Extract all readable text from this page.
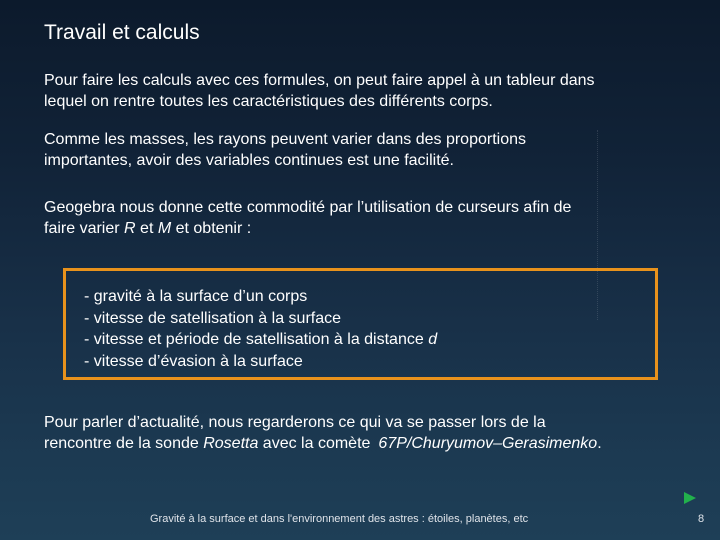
Travail et calculs
Pour faire les calculs avec ces formules, on peut faire appel à un tableur dans
lequel on rentre toutes les caractéristiques des différents corps.
Comme les masses, les rayons peuvent varier dans des proportions
importantes, avoir des variables continues est une facilité.
Geogebra nous donne cette commodité par l’utilisation de curseurs afin de
faire varier R et M et obtenir :
- gravité à la surface d’un corps
- vitesse de satellisation à la surface
- vitesse et période de satellisation à la distance d
- vitesse d’évasion à la surface
Pour parler d’actualité, nous regarderons ce qui va se passer lors de la
rencontre de la sonde Rosetta avec la comète 67P/Churyumov–Gerasimenko.
Gravité à la surface et dans l'environnement des astres : étoiles, planètes, etc	8
